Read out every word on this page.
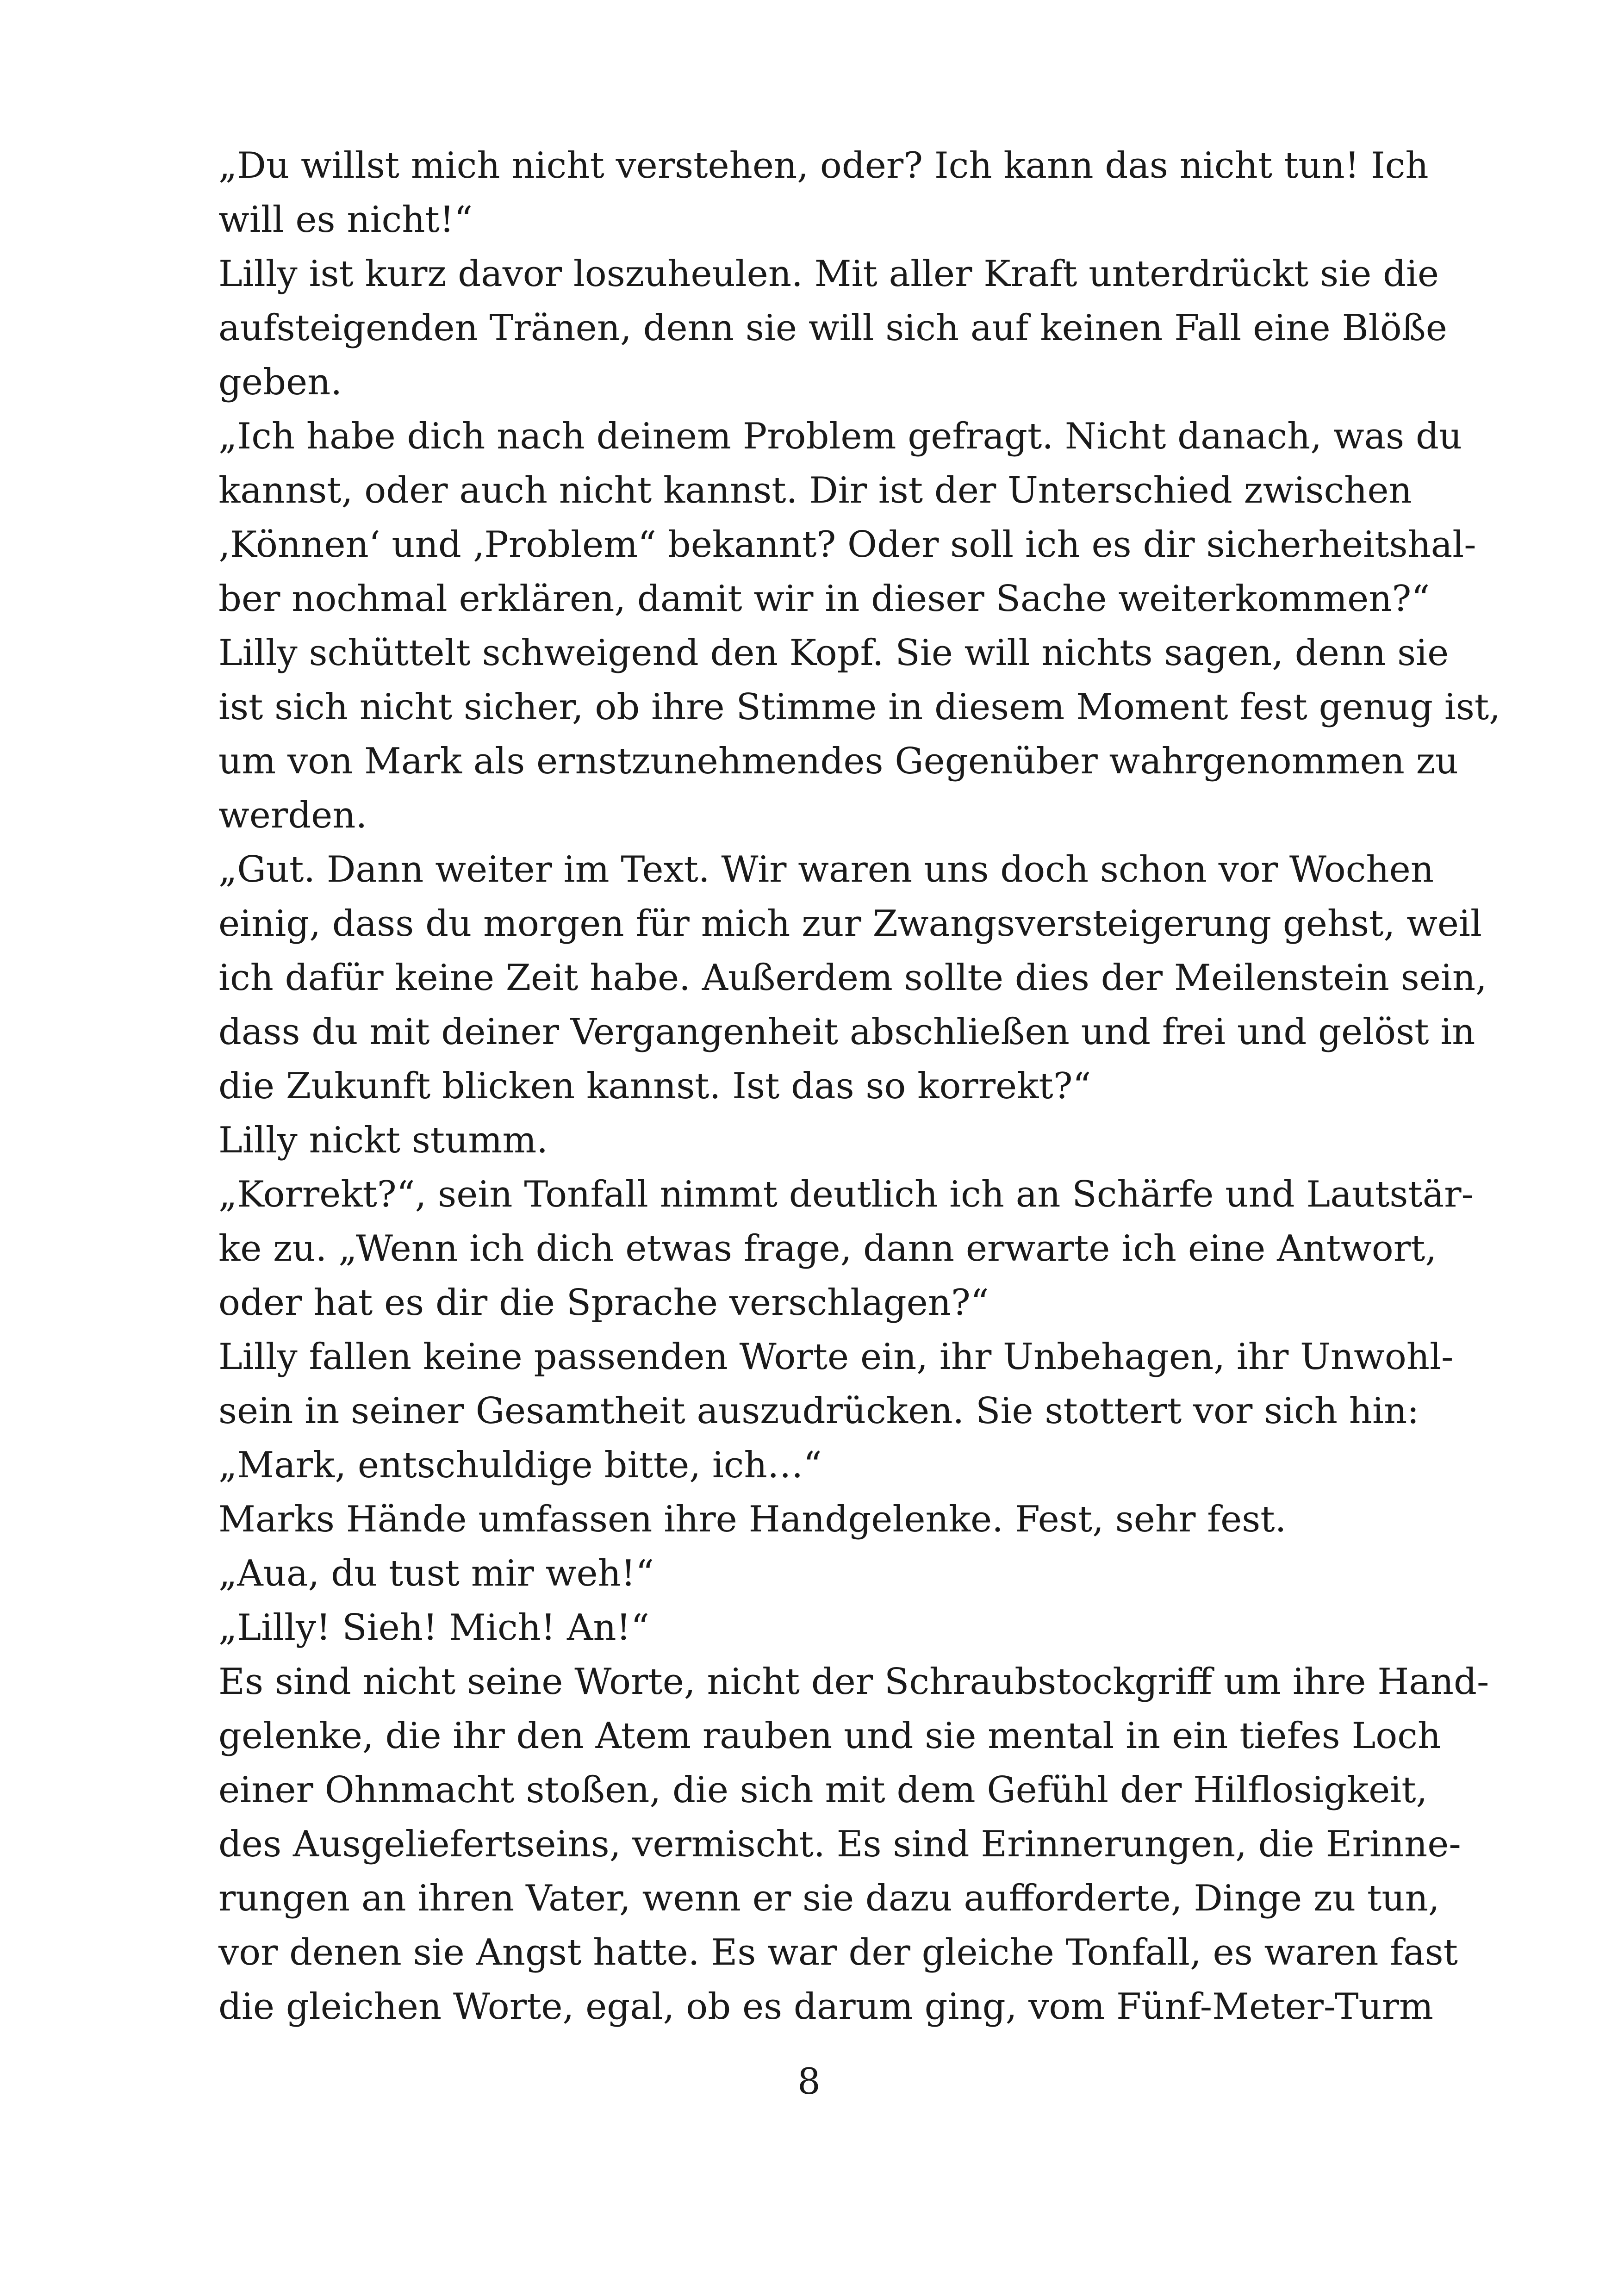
„Du willst mich nicht verstehen, oder? Ich kann das nicht tun! Ich
will es nicht!“
Lilly ist kurz davor loszuheulen. Mit aller Kraft unterdrückt sie die
aufsteigenden Tränen, denn sie will sich auf keinen Fall eine Blöße
geben.
„Ich habe dich nach deinem Problem gefragt. Nicht danach, was du
kannst, oder auch nicht kannst. Dir ist der Unterschied zwischen
‚Können‘ und ‚Problem“ bekannt? Oder soll ich es dir sicherheitshal-
ber nochmal erklären, damit wir in dieser Sache weiterkommen?“
Lilly schüttelt schweigend den Kopf. Sie will nichts sagen, denn sie
ist sich nicht sicher, ob ihre Stimme in diesem Moment fest genug ist,
um von Mark als ernstzunehmendes Gegenüber wahrgenommen zu
werden.
„Gut. Dann weiter im Text. Wir waren uns doch schon vor Wochen
einig, dass du morgen für mich zur Zwangsversteigerung gehst, weil
ich dafür keine Zeit habe. Außerdem sollte dies der Meilenstein sein,
dass du mit deiner Vergangenheit abschließen und frei und gelöst in
die Zukunft blicken kannst. Ist das so korrekt?“
Lilly nickt stumm.
„Korrekt?“, sein Tonfall nimmt deutlich ich an Schärfe und Lautstär-
ke zu. „Wenn ich dich etwas frage, dann erwarte ich eine Antwort,
oder hat es dir die Sprache verschlagen?“
Lilly fallen keine passenden Worte ein, ihr Unbehagen, ihr Unwohl-
sein in seiner Gesamtheit auszudrücken. Sie stottert vor sich hin:
„Mark, entschuldige bitte, ich…“
Marks Hände umfassen ihre Handgelenke. Fest, sehr fest.
„Aua, du tust mir weh!“
„Lilly! Sieh! Mich! An!“
Es sind nicht seine Worte, nicht der Schraubstockgriff um ihre Hand-
gelenke, die ihr den Atem rauben und sie mental in ein tiefes Loch
einer Ohnmacht stoßen, die sich mit dem Gefühl der Hilflosigkeit,
des Ausgeliefertseins, vermischt. Es sind Erinnerungen, die Erinne-
rungen an ihren Vater, wenn er sie dazu aufforderte, Dinge zu tun,
vor denen sie Angst hatte. Es war der gleiche Tonfall, es waren fast
die gleichen Worte, egal, ob es darum ging, vom Fünf-Meter-Turm
8
